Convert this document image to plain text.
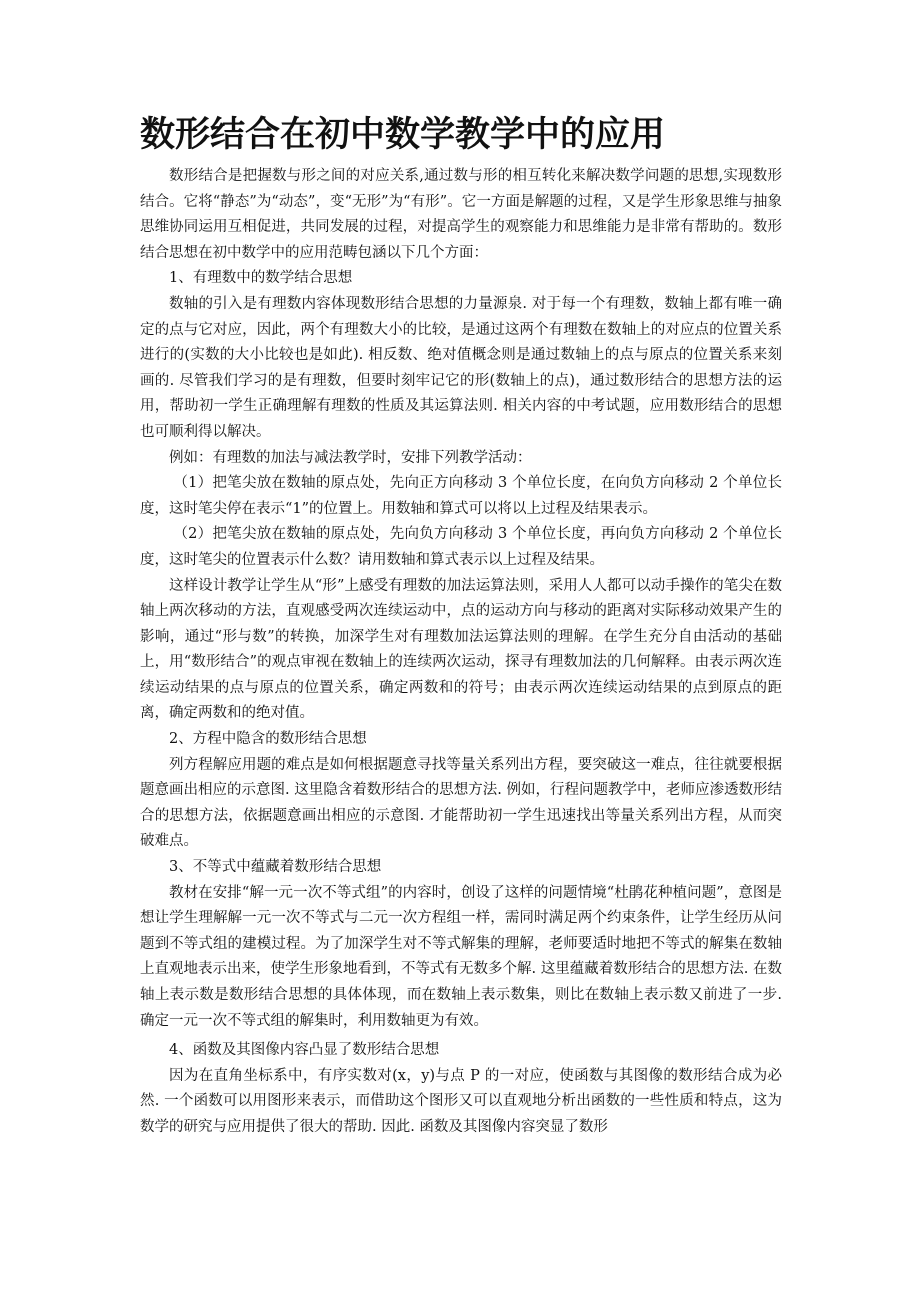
数形结合在初中数学教学中的应用

数形结合是把握数与形之间的对应关系,通过数与形的相互转化来解决数学问题的思想,实现数形结合。它将“静态”为“动态”，变“无形”为“有形”。它一方面是解题的过程，又是学生形象思维与抽象思维协同运用互相促进，共同发展的过程，对提高学生的观察能力和思维能力是非常有帮助的。数形结合思想在初中数学中的应用范畴包涵以下几个方面：

1、有理数中的数学结合思想

数轴的引入是有理数内容体现数形结合思想的力量源泉. 对于每一个有理数，数轴上都有唯一确定的点与它对应，因此，两个有理数大小的比较，是通过这两个有理数在数轴上的对应点的位置关系进行的(实数的大小比较也是如此). 相反数、绝对值概念则是通过数轴上的点与原点的位置关系来刻画的. 尽管我们学习的是有理数，但要时刻牢记它的形(数轴上的点)，通过数形结合的思想方法的运用，帮助初一学生正确理解有理数的性质及其运算法则. 相关内容的中考试题，应用数形结合的思想也可顺利得以解决。

例如：有理数的加法与减法教学时，安排下列教学活动：

（1）把笔尖放在数轴的原点处，先向正方向移动 3 个单位长度，在向负方向移动 2 个单位长度，这时笔尖停在表示“1”的位置上。用数轴和算式可以将以上过程及结果表示。

（2）把笔尖放在数轴的原点处，先向负方向移动 3 个单位长度，再向负方向移动 2 个单位长度，这时笔尖的位置表示什么数？请用数轴和算式表示以上过程及结果。

这样设计教学让学生从“形”上感受有理数的加法运算法则，采用人人都可以动手操作的笔尖在数轴上两次移动的方法，直观感受两次连续运动中，点的运动方向与移动的距离对实际移动效果产生的影响，通过“形与数”的转换，加深学生对有理数加法运算法则的理解。在学生充分自由活动的基础上，用“数形结合”的观点审视在数轴上的连续两次运动，探寻有理数加法的几何解释。由表示两次连续运动结果的点与原点的位置关系，确定两数和的符号；由表示两次连续运动结果的点到原点的距离，确定两数和的绝对值。

2、方程中隐含的数形结合思想

列方程解应用题的难点是如何根据题意寻找等量关系列出方程，要突破这一难点，往往就要根据题意画出相应的示意图. 这里隐含着数形结合的思想方法. 例如，行程问题教学中，老师应渗透数形结合的思想方法，依据题意画出相应的示意图. 才能帮助初一学生迅速找出等量关系列出方程，从而突破难点。

3、不等式中蕴藏着数形结合思想

教材在安排“解一元一次不等式组”的内容时，创设了这样的问题情境“杜鹃花种植问题”，意图是想让学生理解解一元一次不等式与二元一次方程组一样，需同时满足两个约束条件，让学生经历从问题到不等式组的建模过程。为了加深学生对不等式解集的理解，老师要适时地把不等式的解集在数轴上直观地表示出来，使学生形象地看到，不等式有无数多个解. 这里蕴藏着数形结合的思想方法. 在数轴上表示数是数形结合思想的具体体现，而在数轴上表示数集，则比在数轴上表示数又前进了一步. 确定一元一次不等式组的解集时，利用数轴更为有效。

4、函数及其图像内容凸显了数形结合思想

因为在直角坐标系中，有序实数对(x，y)与点 P 的一对应，使函数与其图像的数形结合成为必然. 一个函数可以用图形来表示，而借助这个图形又可以直观地分析出函数的一些性质和特点，这为数学的研究与应用提供了很大的帮助. 因此. 函数及其图像内容突显了数形
